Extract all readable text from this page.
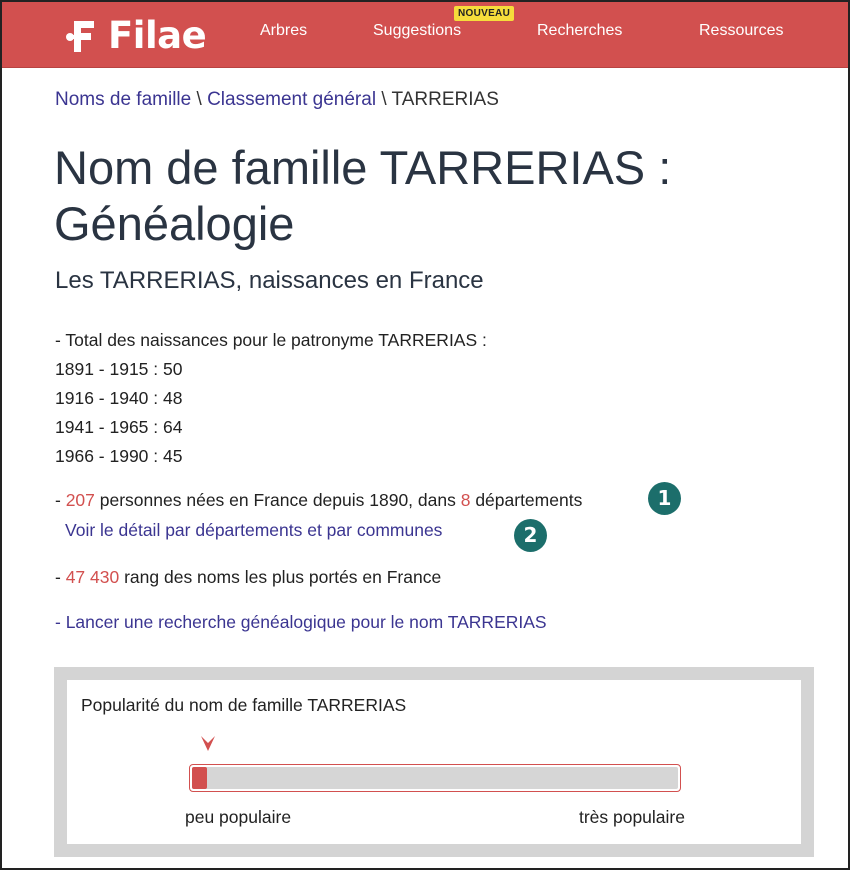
Filae	Arbres	Suggestions
NOUVEAU
Recherches	Ressources
Noms de famille \ Classement général \ TARRERIAS
Nom de famille TARRERIAS : Généalogie
Les TARRERIAS, naissances en France
- Total des naissances pour le patronyme TARRERIAS :
1891 - 1915 : 50
1916 - 1940 : 48
1941 - 1965 : 64
1966 - 1990 : 45
- 207 personnes nées en France depuis 1890, dans 8 départements	1
Voir le détail par départements et par communes	2
- 47 430 rang des noms les plus portés en France
- Lancer une recherche généalogique pour le nom TARRERIAS
Popularité du nom de famille TARRERIAS
peu populaire	très populaire
